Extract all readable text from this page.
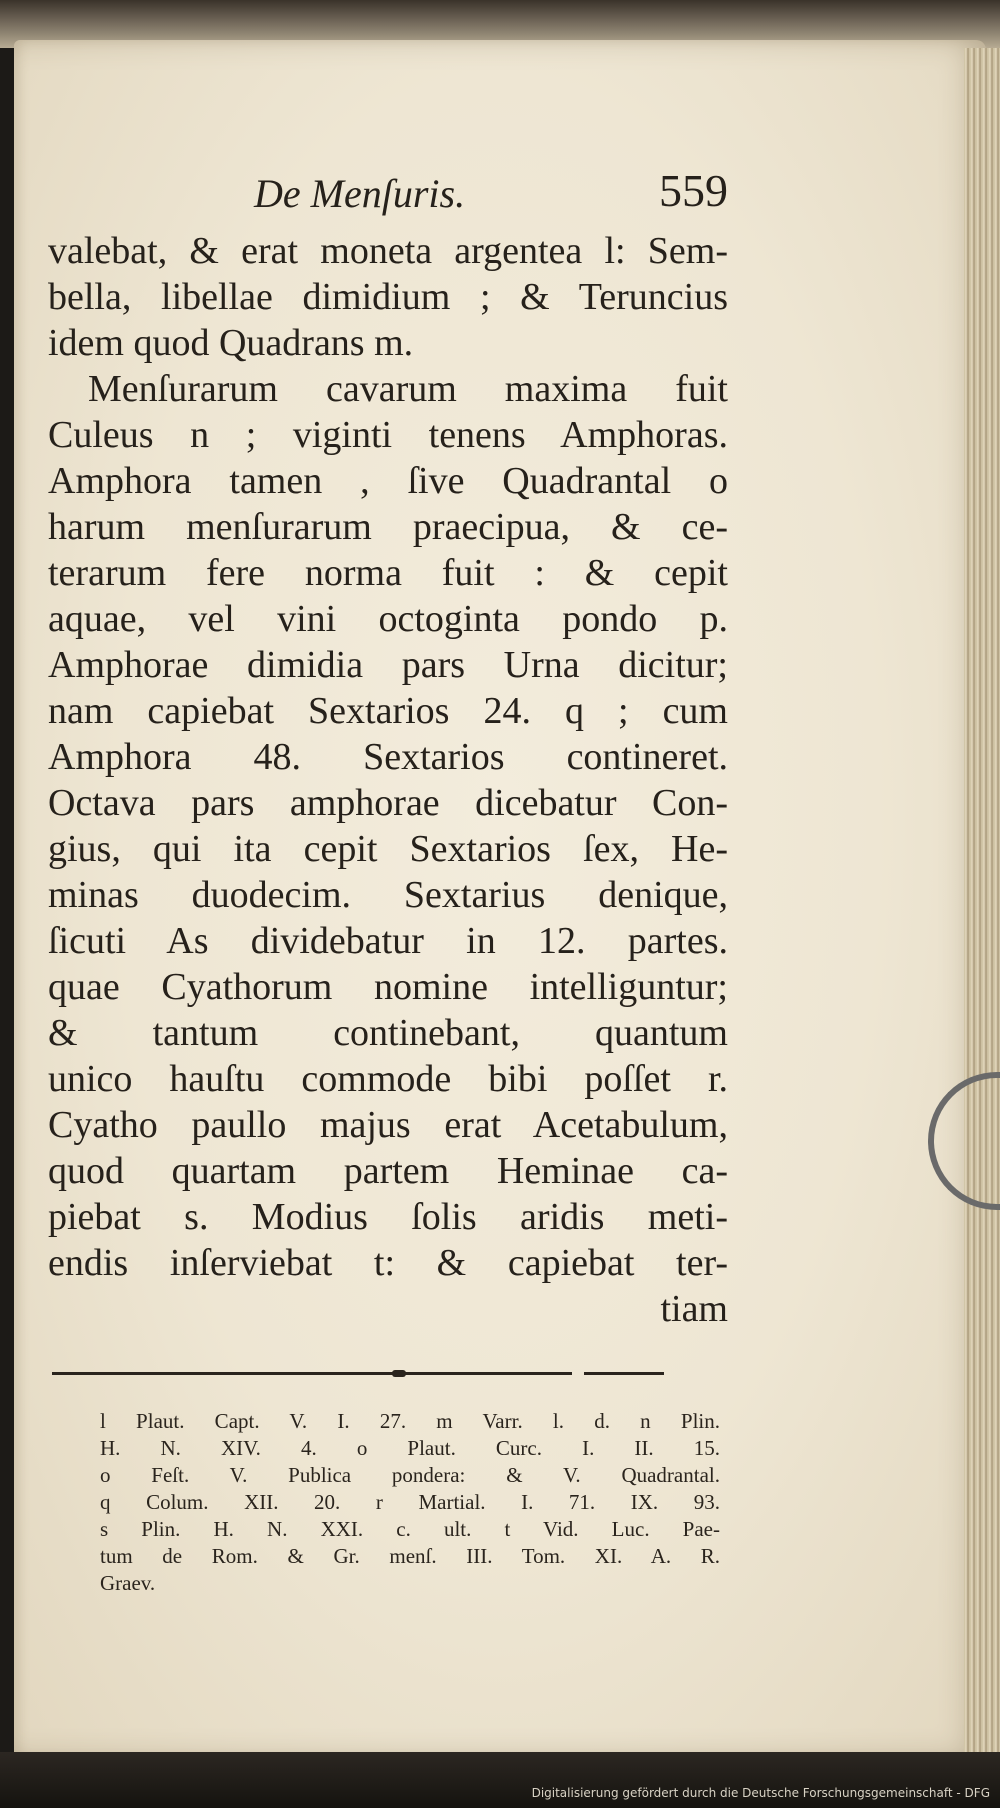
De Menſuris.	559
valebat, & erat moneta argentea l: Sem-
bella, libellae dimidium ; & Teruncius
idem quod Quadrans m.
Menſurarum cavarum maxima fuit
Culeus n ; viginti tenens Amphoras.
Amphora tamen , ſive Quadrantal o
harum menſurarum praecipua, & ce-
terarum fere norma fuit : & cepit
aquae, vel vini octoginta pondo p.
Amphorae dimidia pars Urna dicitur;
nam capiebat Sextarios 24. q ; cum
Amphora 48. Sextarios contineret.
Octava pars amphorae dicebatur Con-
gius, qui ita cepit Sextarios ſex, He-
minas duodecim. Sextarius denique,
ſicuti As dividebatur in 12. partes.
quae Cyathorum nomine intelliguntur;
& tantum continebant, quantum
unico hauſtu commode bibi poſſet r.
Cyatho paullo majus erat Acetabulum,
quod quartam partem Heminae ca-
piebat s. Modius ſolis aridis meti-
endis inſerviebat t: & capiebat ter-
tiam
l Plaut. Capt. V. I. 27. m Varr. l. d. n Plin.
H. N. XIV. 4. o Plaut. Curc. I. II. 15.
o Feſt. V. Publica pondera: & V. Quadrantal.
q Colum. XII. 20. r Martial. I. 71. IX. 93.
s Plin. H. N. XXI. c. ult. t Vid. Luc. Pae-
tum de Rom. & Gr. menſ. III. Tom. XI. A. R.
Graev.
Digitalisierung gefördert durch die Deutsche Forschungsgemeinschaft - DFG
